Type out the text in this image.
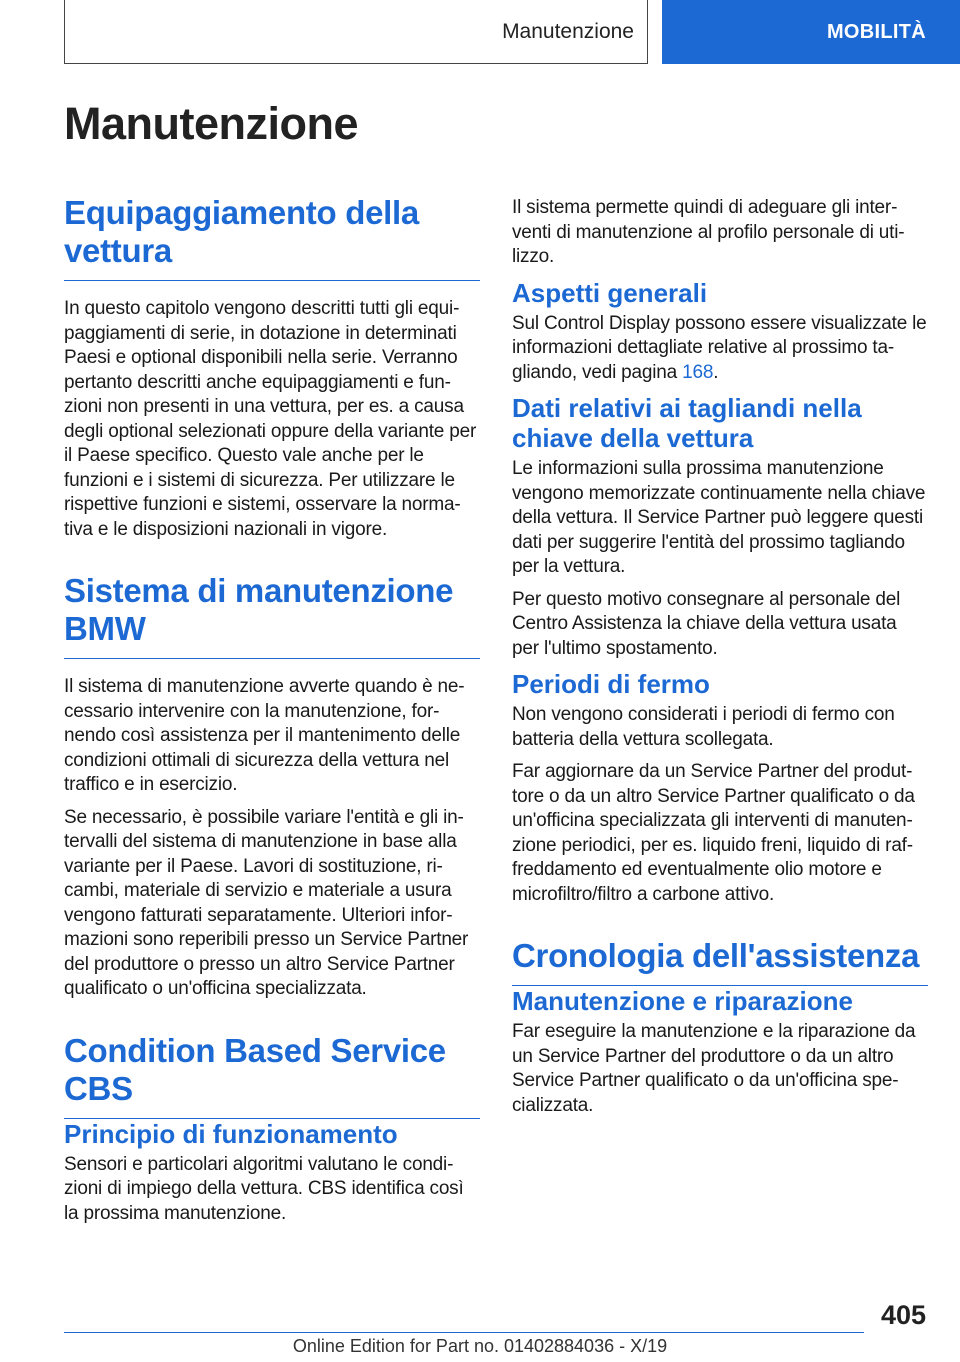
Manutenzione	MOBILITÀ
Manutenzione
Equipaggiamento della vettura

In questo capitolo vengono descritti tutti gli equipaggiamenti di serie, in dotazione in determinati Paesi e optional disponibili nella serie. Verranno pertanto descritti anche equipaggiamenti e funzioni non presenti in una vettura, per es. a causa degli optional selezionati oppure della variante per il Paese specifico. Questo vale anche per le funzioni e i sistemi di sicurezza. Per utilizzare le rispettive funzioni e sistemi, osservare la normativa e le disposizioni nazionali in vigore.

Sistema di manutenzione BMW

Il sistema di manutenzione avverte quando è necessario intervenire con la manutenzione, fornendo così assistenza per il mantenimento delle condizioni ottimali di sicurezza della vettura nel traffico e in esercizio.

Se necessario, è possibile variare l'entità e gli intervalli del sistema di manutenzione in base alla variante per il Paese. Lavori di sostituzione, ricambi, materiale di servizio e materiale a usura vengono fatturati separatamente. Ulteriori informazioni sono reperibili presso un Service Partner del produttore o presso un altro Service Partner qualificato o un'officina specializzata.

Condition Based Service CBS
Principio di funzionamento

Sensori e particolari algoritmi valutano le condizioni di impiego della vettura. CBS identifica così la prossima manutenzione.

Il sistema permette quindi di adeguare gli interventi di manutenzione al profilo personale di utilizzo.

Aspetti generali

Sul Control Display possono essere visualizzate le informazioni dettagliate relative al prossimo tagliando, vedi pagina 168.

Dati relativi ai tagliandi nella chiave della vettura

Le informazioni sulla prossima manutenzione vengono memorizzate continuamente nella chiave della vettura. Il Service Partner può leggere questi dati per suggerire l'entità del prossimo tagliando per la vettura.

Per questo motivo consegnare al personale del Centro Assistenza la chiave della vettura usata per l'ultimo spostamento.

Periodi di fermo

Non vengono considerati i periodi di fermo con batteria della vettura scollegata.

Far aggiornare da un Service Partner del produttore o da un altro Service Partner qualificato o da un'officina specializzata gli interventi di manutenzione periodici, per es. liquido freni, liquido di raffreddamento ed eventualmente olio motore e microfiltro/filtro a carbone attivo.

Cronologia dell'assistenza
Manutenzione e riparazione

Far eseguire la manutenzione e la riparazione da un Service Partner del produttore o da un altro Service Partner qualificato o da un'officina specializzata.

405
Online Edition for Part no. 01402884036 - X/19
